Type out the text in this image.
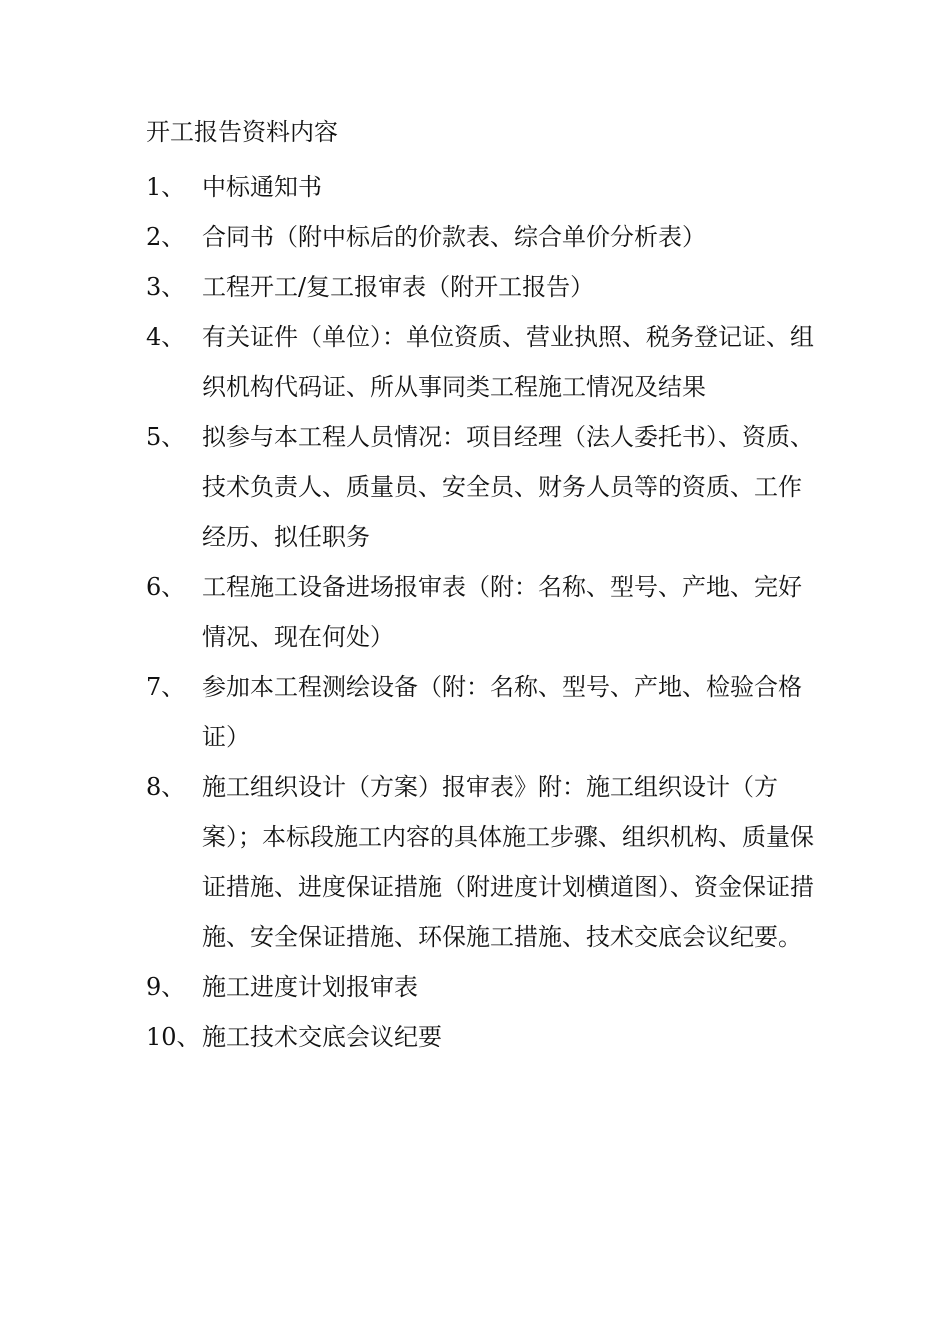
开工报告资料内容
1、 中标通知书
2、 合同书（附中标后的价款表、综合单价分析表）
3、 工程开工/复工报审表（附开工报告）
4、 有关证件（单位）：单位资质、营业执照、税务登记证、组织机构代码证、所从事同类工程施工情况及结果
5、 拟参与本工程人员情况：项目经理（法人委托书）、资质、技术负责人、质量员、安全员、财务人员等的资质、工作经历、拟任职务
6、 工程施工设备进场报审表（附：名称、型号、产地、完好情况、现在何处）
7、 参加本工程测绘设备（附：名称、型号、产地、检验合格证）
8、 施工组织设计（方案）报审表》附：施工组织设计（方案）；本标段施工内容的具体施工步骤、组织机构、质量保证措施、进度保证措施（附进度计划横道图）、资金保证措施、安全保证措施、环保施工措施、技术交底会议纪要。
9、 施工进度计划报审表
10、 施工技术交底会议纪要
